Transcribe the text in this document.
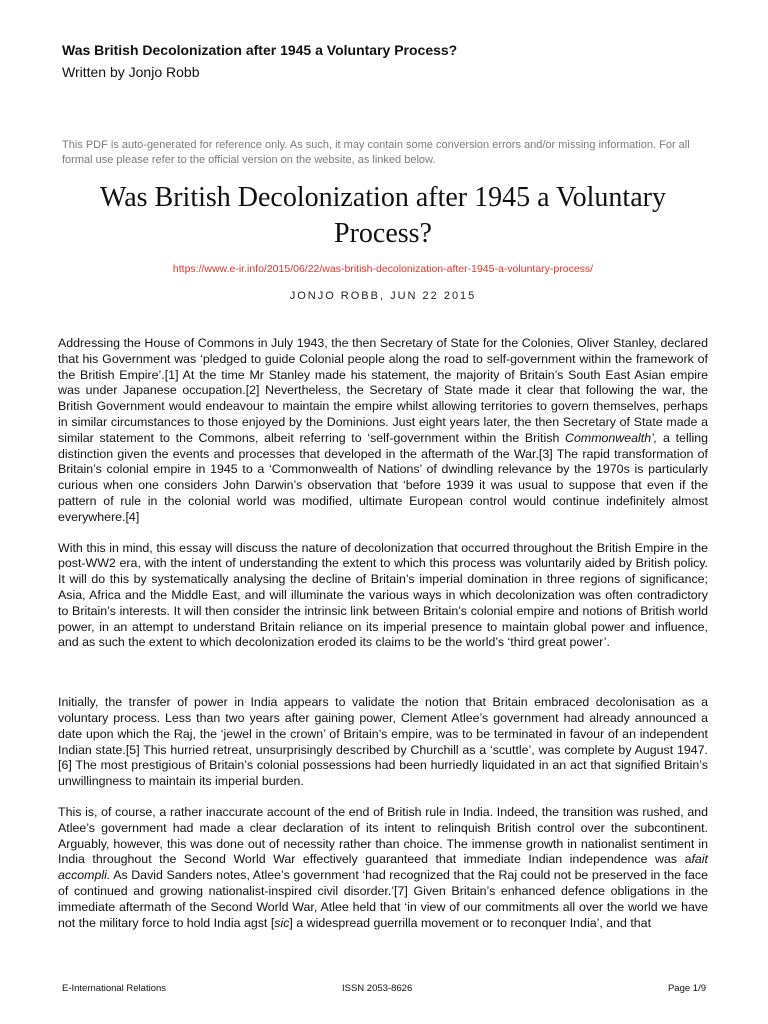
Was British Decolonization after 1945 a Voluntary Process?
Written by Jonjo Robb
This PDF is auto-generated for reference only. As such, it may contain some conversion errors and/or missing information. For all formal use please refer to the official version on the website, as linked below.
Was British Decolonization after 1945 a Voluntary Process?
https://www.e-ir.info/2015/06/22/was-british-decolonization-after-1945-a-voluntary-process/
JONJO ROBB, JUN 22 2015

Addressing the House of Commons in July 1943, the then Secretary of State for the Colonies, Oliver Stanley, declared that his Government was ‘pledged to guide Colonial people along the road to self-government within the framework of the British Empire’.[1] At the time Mr Stanley made his statement, the majority of Britain’s South East Asian empire was under Japanese occupation.[2] Nevertheless, the Secretary of State made it clear that following the war, the British Government would endeavour to maintain the empire whilst allowing territories to govern themselves, perhaps in similar circumstances to those enjoyed by the Dominions. Just eight years later, the then Secretary of State made a similar statement to the Commons, albeit referring to ‘self-government within the British Commonwealth’, a telling distinction given the events and processes that developed in the aftermath of the War.[3] The rapid transformation of Britain’s colonial empire in 1945 to a ‘Commonwealth of Nations’ of dwindling relevance by the 1970s is particularly curious when one considers John Darwin’s observation that ‘before 1939 it was usual to suppose that even if the pattern of rule in the colonial world was modified, ultimate European control would continue indefinitely almost everywhere.[4]

With this in mind, this essay will discuss the nature of decolonization that occurred throughout the British Empire in the post-WW2 era, with the intent of understanding the extent to which this process was voluntarily aided by British policy. It will do this by systematically analysing the decline of Britain’s imperial domination in three regions of significance; Asia, Africa and the Middle East, and will illuminate the various ways in which decolonization was often contradictory to Britain’s interests. It will then consider the intrinsic link between Britain’s colonial empire and notions of British world power, in an attempt to understand Britain reliance on its imperial presence to maintain global power and influence, and as such the extent to which decolonization eroded its claims to be the world’s ‘third great power’.

Initially, the transfer of power in India appears to validate the notion that Britain embraced decolonisation as a voluntary process. Less than two years after gaining power, Clement Atlee’s government had already announced a date upon which the Raj, the ‘jewel in the crown’ of Britain’s empire, was to be terminated in favour of an independent Indian state.[5] This hurried retreat, unsurprisingly described by Churchill as a ‘scuttle’, was complete by August 1947.[6] The most prestigious of Britain’s colonial possessions had been hurriedly liquidated in an act that signified Britain’s unwillingness to maintain its imperial burden.

This is, of course, a rather inaccurate account of the end of British rule in India. Indeed, the transition was rushed, and Atlee’s government had made a clear declaration of its intent to relinquish British control over the subcontinent. Arguably, however, this was done out of necessity rather than choice. The immense growth in nationalist sentiment in India throughout the Second World War effectively guaranteed that immediate Indian independence was afait accompli. As David Sanders notes, Atlee’s government ‘had recognized that the Raj could not be preserved in the face of continued and growing nationalist-inspired civil disorder.’[7] Given Britain’s enhanced defence obligations in the immediate aftermath of the Second World War, Atlee held that ‘in view of our commitments all over the world we have not the military force to hold India agst [sic] a widespread guerrilla movement or to reconquer India’, and that

E-International Relations	ISSN 2053-8626	Page 1/9
